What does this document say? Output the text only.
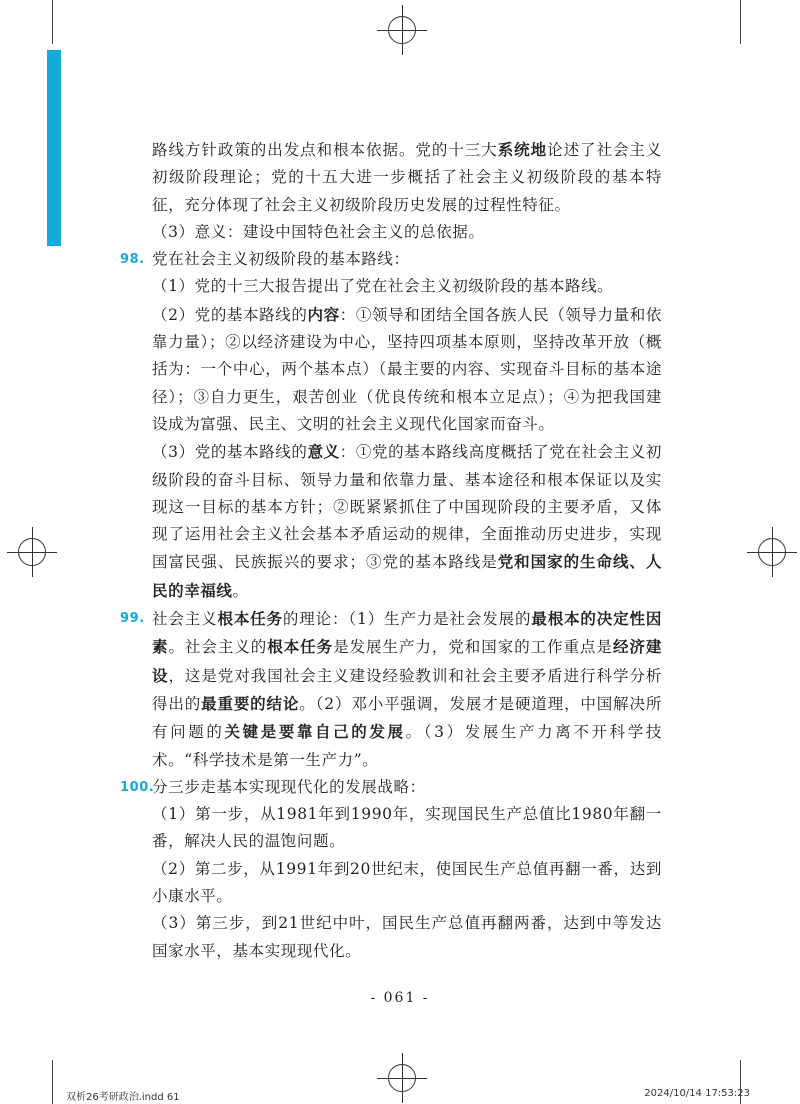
路线方针政策的出发点和根本依据。党的十三大系统地论述了社会主义初级阶段理论；党的十五大进一步概括了社会主义初级阶段的基本特征，充分体现了社会主义初级阶段历史发展的过程性特征。
（3）意义：建设中国特色社会主义的总依据。
98. 党在社会主义初级阶段的基本路线：
（1）党的十三大报告提出了党在社会主义初级阶段的基本路线。
（2）党的基本路线的内容：①领导和团结全国各族人民（领导力量和依靠力量）；②以经济建设为中心，坚持四项基本原则，坚持改革开放（概括为：一个中心，两个基本点）（最主要的内容、实现奋斗目标的基本途径）；③自力更生，艰苦创业（优良传统和根本立足点）；④为把我国建设成为富强、民主、文明的社会主义现代化国家而奋斗。
（3）党的基本路线的意义：①党的基本路线高度概括了党在社会主义初级阶段的奋斗目标、领导力量和依靠力量、基本途径和根本保证以及实现这一目标的基本方针；②既紧紧抓住了中国现阶段的主要矛盾，又体现了运用社会主义社会基本矛盾运动的规律，全面推动历史进步，实现国富民强、民族振兴的要求；③党的基本路线是党和国家的生命线、人民的幸福线。
99. 社会主义根本任务的理论：（1）生产力是社会发展的最根本的决定性因素。社会主义的根本任务是发展生产力，党和国家的工作重点是经济建设，这是党对我国社会主义建设经验教训和社会主要矛盾进行科学分析得出的最重要的结论。（2）邓小平强调，发展才是硬道理，中国解决所有问题的关键是要靠自己的发展。（3）发展生产力离不开科学技术。“科学技术是第一生产力”。
100.
分三步走基本实现现代化的发展战略：
（1）第一步，从1981年到1990年，实现国民生产总值比1980年翻一番，解决人民的温饱问题。
（2）第二步，从1991年到20世纪末，使国民生产总值再翻一番，达到小康水平。
（3）第三步，到21世纪中叶，国民生产总值再翻两番，达到中等发达国家水平，基本实现现代化。
- 061 -
双析26考研政治.indd 61	2024/10/14 17:53:23
